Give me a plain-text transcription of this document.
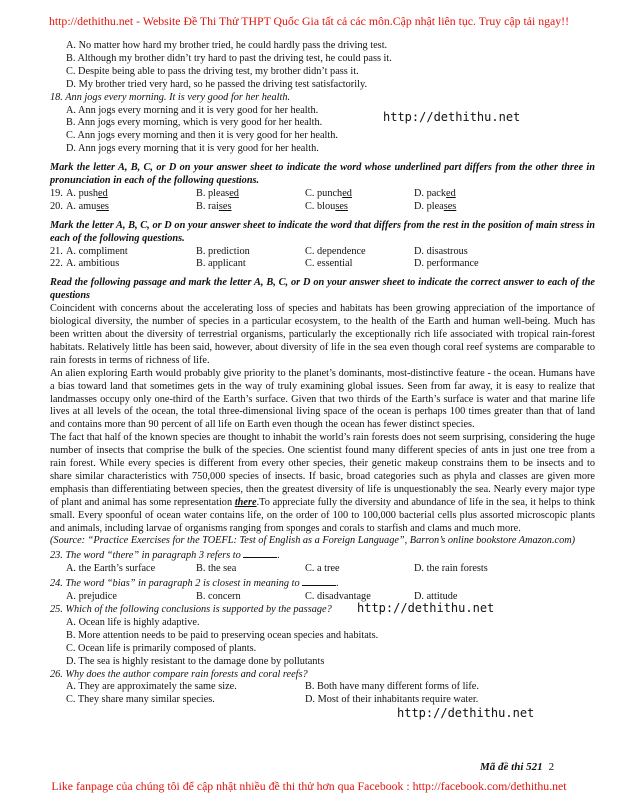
http://dethithu.net - Website Đề Thi Thử THPT Quốc Gia tất cả các môn.Cập nhật liên tục. Truy cập tải ngay!!
http://dethithu.net
http://dethithu.net
http://dethithu.net
A. No matter how hard my brother tried, he could hardly pass the driving test.
B. Although my brother didn’t try hard to past the driving test, he could pass it.
C. Despite being able to pass the driving test, my brother didn’t pass it.
D. My brother tried very hard, so he passed the driving test satisfactorily.
18. Ann jogs every morning. It is very good for her health.
A. Ann jogs every morning and it is very good for her health.
B. Ann jogs every morning, which is very good for her health.
C. Ann jogs every morning and then it is very good for her health.
D. Ann jogs every morning that it is very good for her health.
Mark the letter A, B, C, or D on your answer sheet to indicate the word whose underlined part differs from the other three in pronunciation in each of the following questions.
19. A. pushed	B. pleased	C. punched	D. packed
20. A. amuses	B. raises	C. blouses	D. pleases
Mark the letter A, B, C, or D on your answer sheet to indicate the word that differs from the rest in the position of main stress in each of the following questions.
21. A. compliment	B. prediction	C. dependence	D. disastrous
22. A. ambitious	B. applicant	C. essential	D. performance
Read the following passage and mark the letter A, B, C, or D on your answer sheet to indicate the correct answer to each of the questions
Coincident with concerns about the accelerating loss of species and habitats has been growing appreciation of the importance of biological diversity, the number of species in a particular ecosystem, to the health of the Earth and human well-being. Much has been written about the diversity of terrestrial organisms, particularly the exceptionally rich life associated with tropical rain-forest habitats. Relatively little has been said, however, about diversity of life in the sea even though coral reef systems are comparable to rain forests in terms of richness of life.
An alien exploring Earth would probably give priority to the planet’s dominants, most-distinctive feature - the ocean. Humans have a bias toward land that sometimes gets in the way of truly examining global issues. Seen from far away, it is easy to realize that landmasses occupy only one-third of the Earth’s surface. Given that two thirds of the Earth’s surface is water and that marine life lives at all levels of the ocean, the total three-dimensional living space of the ocean is perhaps 100 times greater than that of land and contains more than 90 percent of all life on Earth even though the ocean has fewer distinct species.
The fact that half of the known species are thought to inhabit the world’s rain forests does not seem surprising, considering the huge number of insects that comprise the bulk of the species. One scientist found many different species of ants in just one tree from a rain forest. While every species is different from every other species, their genetic makeup constrains them to be insects and to share similar characteristics with 750,000 species of insects. If basic, broad categories such as phyla and classes are given more emphasis than differentiating between species, then the greatest diversity of life is unquestionably the sea. Nearly every major type of plant and animal has some representation there.To appreciate fully the diversity and abundance of life in the sea, it helps to think small. Every spoonful of ocean water contains life, on the order of 100 to 100,000 bacterial cells plus assorted microscopic plants and animals, including larvae of organisms ranging from sponges and corals to starfish and clams and much more.
(Source: “Practice Exercises for the TOEFL: Test of English as a Foreign Language”, Barron’s online bookstore Amazon.com)
23. The word “there” in paragraph 3 refers to	.
A. the Earth’s surface	B. the sea	C. a tree	D. the rain forests
24. The word “bias” in paragraph 2 is closest in meaning to	.
A. prejudice	B. concern	C. disadvantage	D. attitude
25. Which of the following conclusions is supported by the passage?
A. Ocean life is highly adaptive.
B. More attention needs to be paid to preserving ocean species and habitats.
C. Ocean life is primarily composed of plants.
D. The sea is highly resistant to the damage done by pollutants
26. Why does the author compare rain forests and coral reefs?
A. They are approximately the same size.	B. Both have many different forms of life.
C. They share many similar species.	D. Most of their inhabitants require water.
Mã đề thi 521 2
Like fanpage của chúng tôi để cập nhật nhiều đề thi thử hơn qua Facebook : http://facebook.com/dethithu.net
